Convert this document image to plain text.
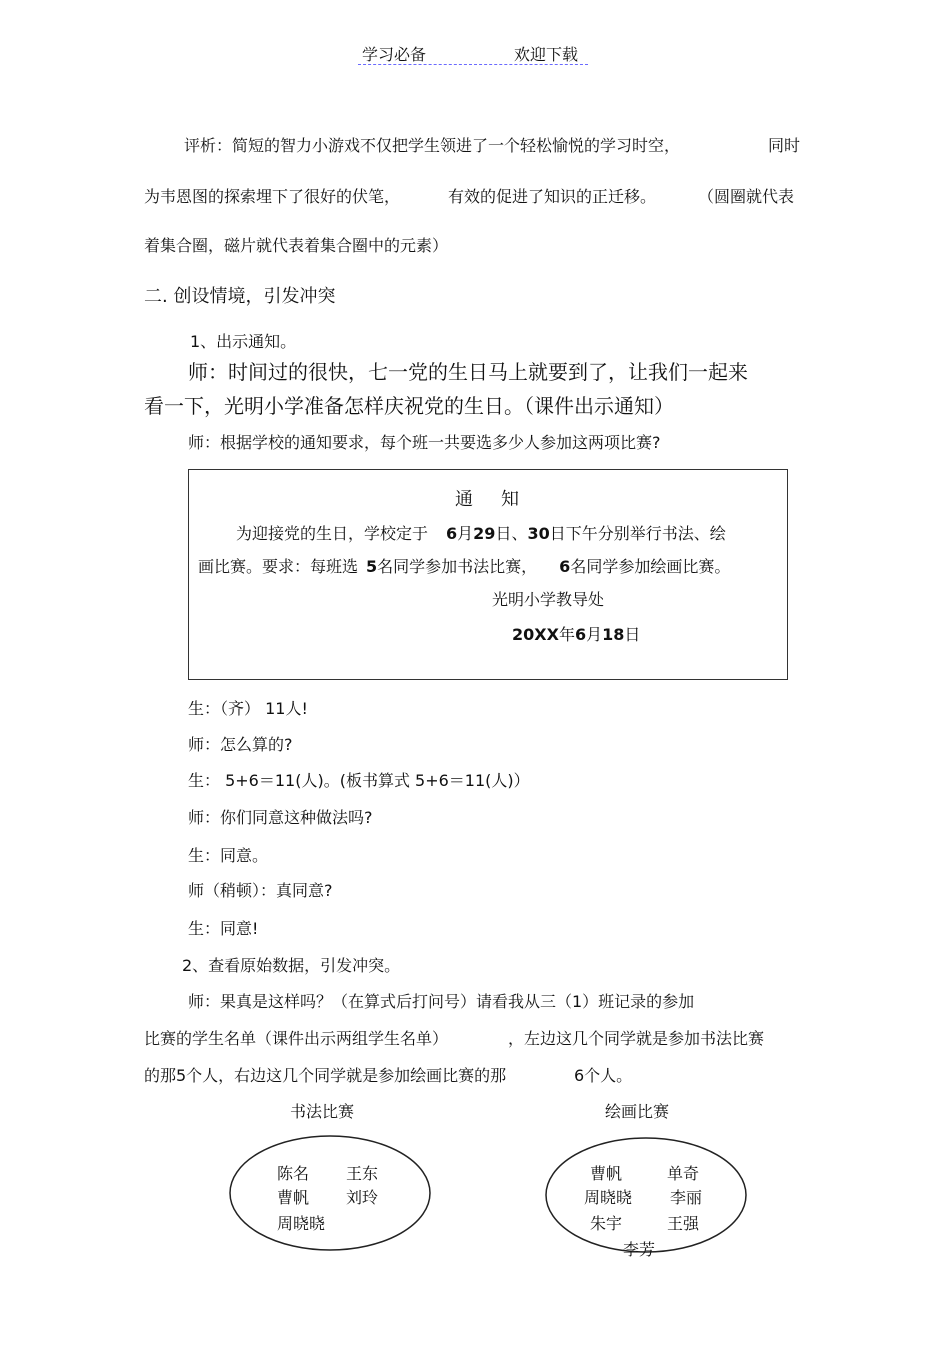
学习必备	欢迎下载
评析：简短的智力小游戏不仅把学生领进了一个轻松愉悦的学习时空，	同时
为韦恩图的探索埋下了很好的伏笔，	有效的促进了知识的正迁移。	（圆圈就代表
着集合圈，磁片就代表着集合圈中的元素）
二. 创设情境，引发冲突
1、出示通知。
师：时间过的很快，七一党的生日马上就要到了，让我们一起来
看一下，光明小学准备怎样庆祝党的生日。（课件出示通知）
师：根据学校的通知要求，每个班一共要选多少人参加这两项比赛?
通知
为迎接党的生日，学校定于 6月29日、30日下午分别举行书法、绘
画比赛。要求：每班选 5名同学参加书法比赛， 6名同学参加绘画比赛。
光明小学教导处
20XX年6月18日
生：（齐） 11人!
师：怎么算的?
生： 5+6＝11(人)。(板书算式 5+6＝11(人)）
师：你们同意这种做法吗?
生：同意。
师（稍顿）：真同意?
生：同意!
2、查看原始数据，引发冲突。
师：果真是这样吗？（在算式后打问号）请看我从三（1）班记录的参加
比赛的学生名单（课件出示两组学生名单）	，左边这几个同学就是参加书法比赛
的那5个人，右边这几个同学就是参加绘画比赛的那	6个人。
书法比赛	绘画比赛
陈名 王东
曹帆 刘玲
周晓晓
曹帆	单奇
周晓晓 李丽
朱宇	王强
李芳
